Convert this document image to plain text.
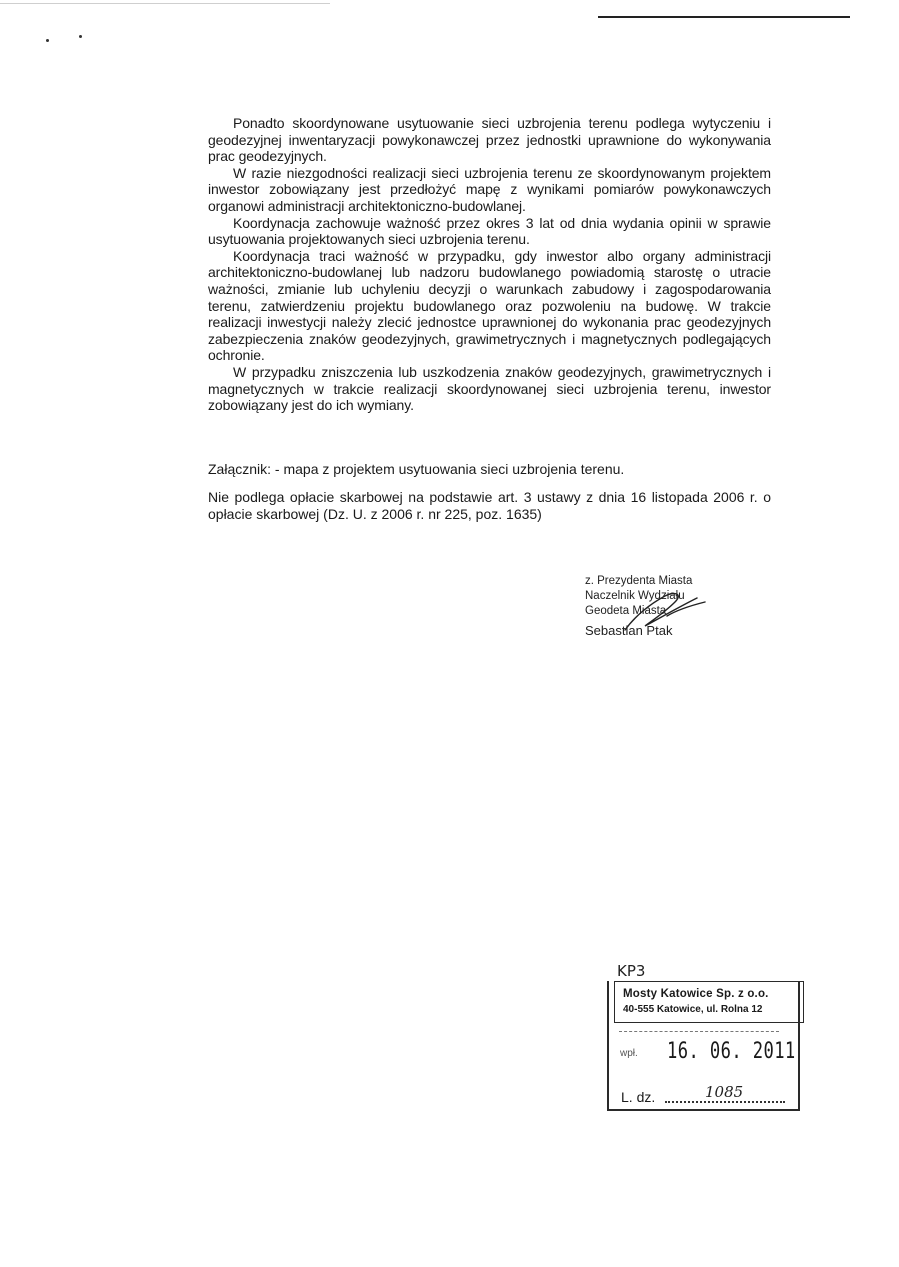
Ponadto skoordynowane usytuowanie sieci uzbrojenia terenu podlega wytyczeniu i geodezyjnej inwentaryzacji powykonawczej przez jednostki uprawnione do wykonywania prac geodezyjnych.

W razie niezgodności realizacji sieci uzbrojenia terenu ze skoordynowanym projektem inwestor zobowiązany jest przedłożyć mapę z wynikami pomiarów powykonawczych organowi administracji architektoniczno-budowlanej.

Koordynacja zachowuje ważność przez okres 3 lat od dnia wydania opinii w sprawie usytuowania projektowanych sieci uzbrojenia terenu.

Koordynacja traci ważność w przypadku, gdy inwestor albo organy administracji architektoniczno-budowlanej lub nadzoru budowlanego powiadomią starostę o utracie ważności, zmianie lub uchyleniu decyzji o warunkach zabudowy i zagospodarowania terenu, zatwierdzeniu projektu budowlanego oraz pozwoleniu na budowę. W trakcie realizacji inwestycji należy zlecić jednostce uprawnionej do wykonania prac geodezyjnych zabezpieczenia znaków geodezyjnych, grawimetrycznych i magnetycznych podlegających ochronie.

W przypadku zniszczenia lub uszkodzenia znaków geodezyjnych, grawimetrycznych i magnetycznych w trakcie realizacji skoordynowanej sieci uzbrojenia terenu, inwestor zobowiązany jest do ich wymiany.

Załącznik: - mapa z projektem usytuowania sieci uzbrojenia terenu.
Nie podlega opłacie skarbowej na podstawie art. 3 ustawy z dnia 16 listopada 2006 r. o opłacie skarbowej (Dz. U. z 2006 r. nr 225, poz. 1635)
z. Prezydenta Miasta
Naczelnik Wydziału
Geodeta Miasta
Sebastian Ptak
KP3
Mosty Katowice Sp. z o.o.
40-555 Katowice, ul. Rolna 12
wpł. 16. 06. 2011
L. dz.	1085
